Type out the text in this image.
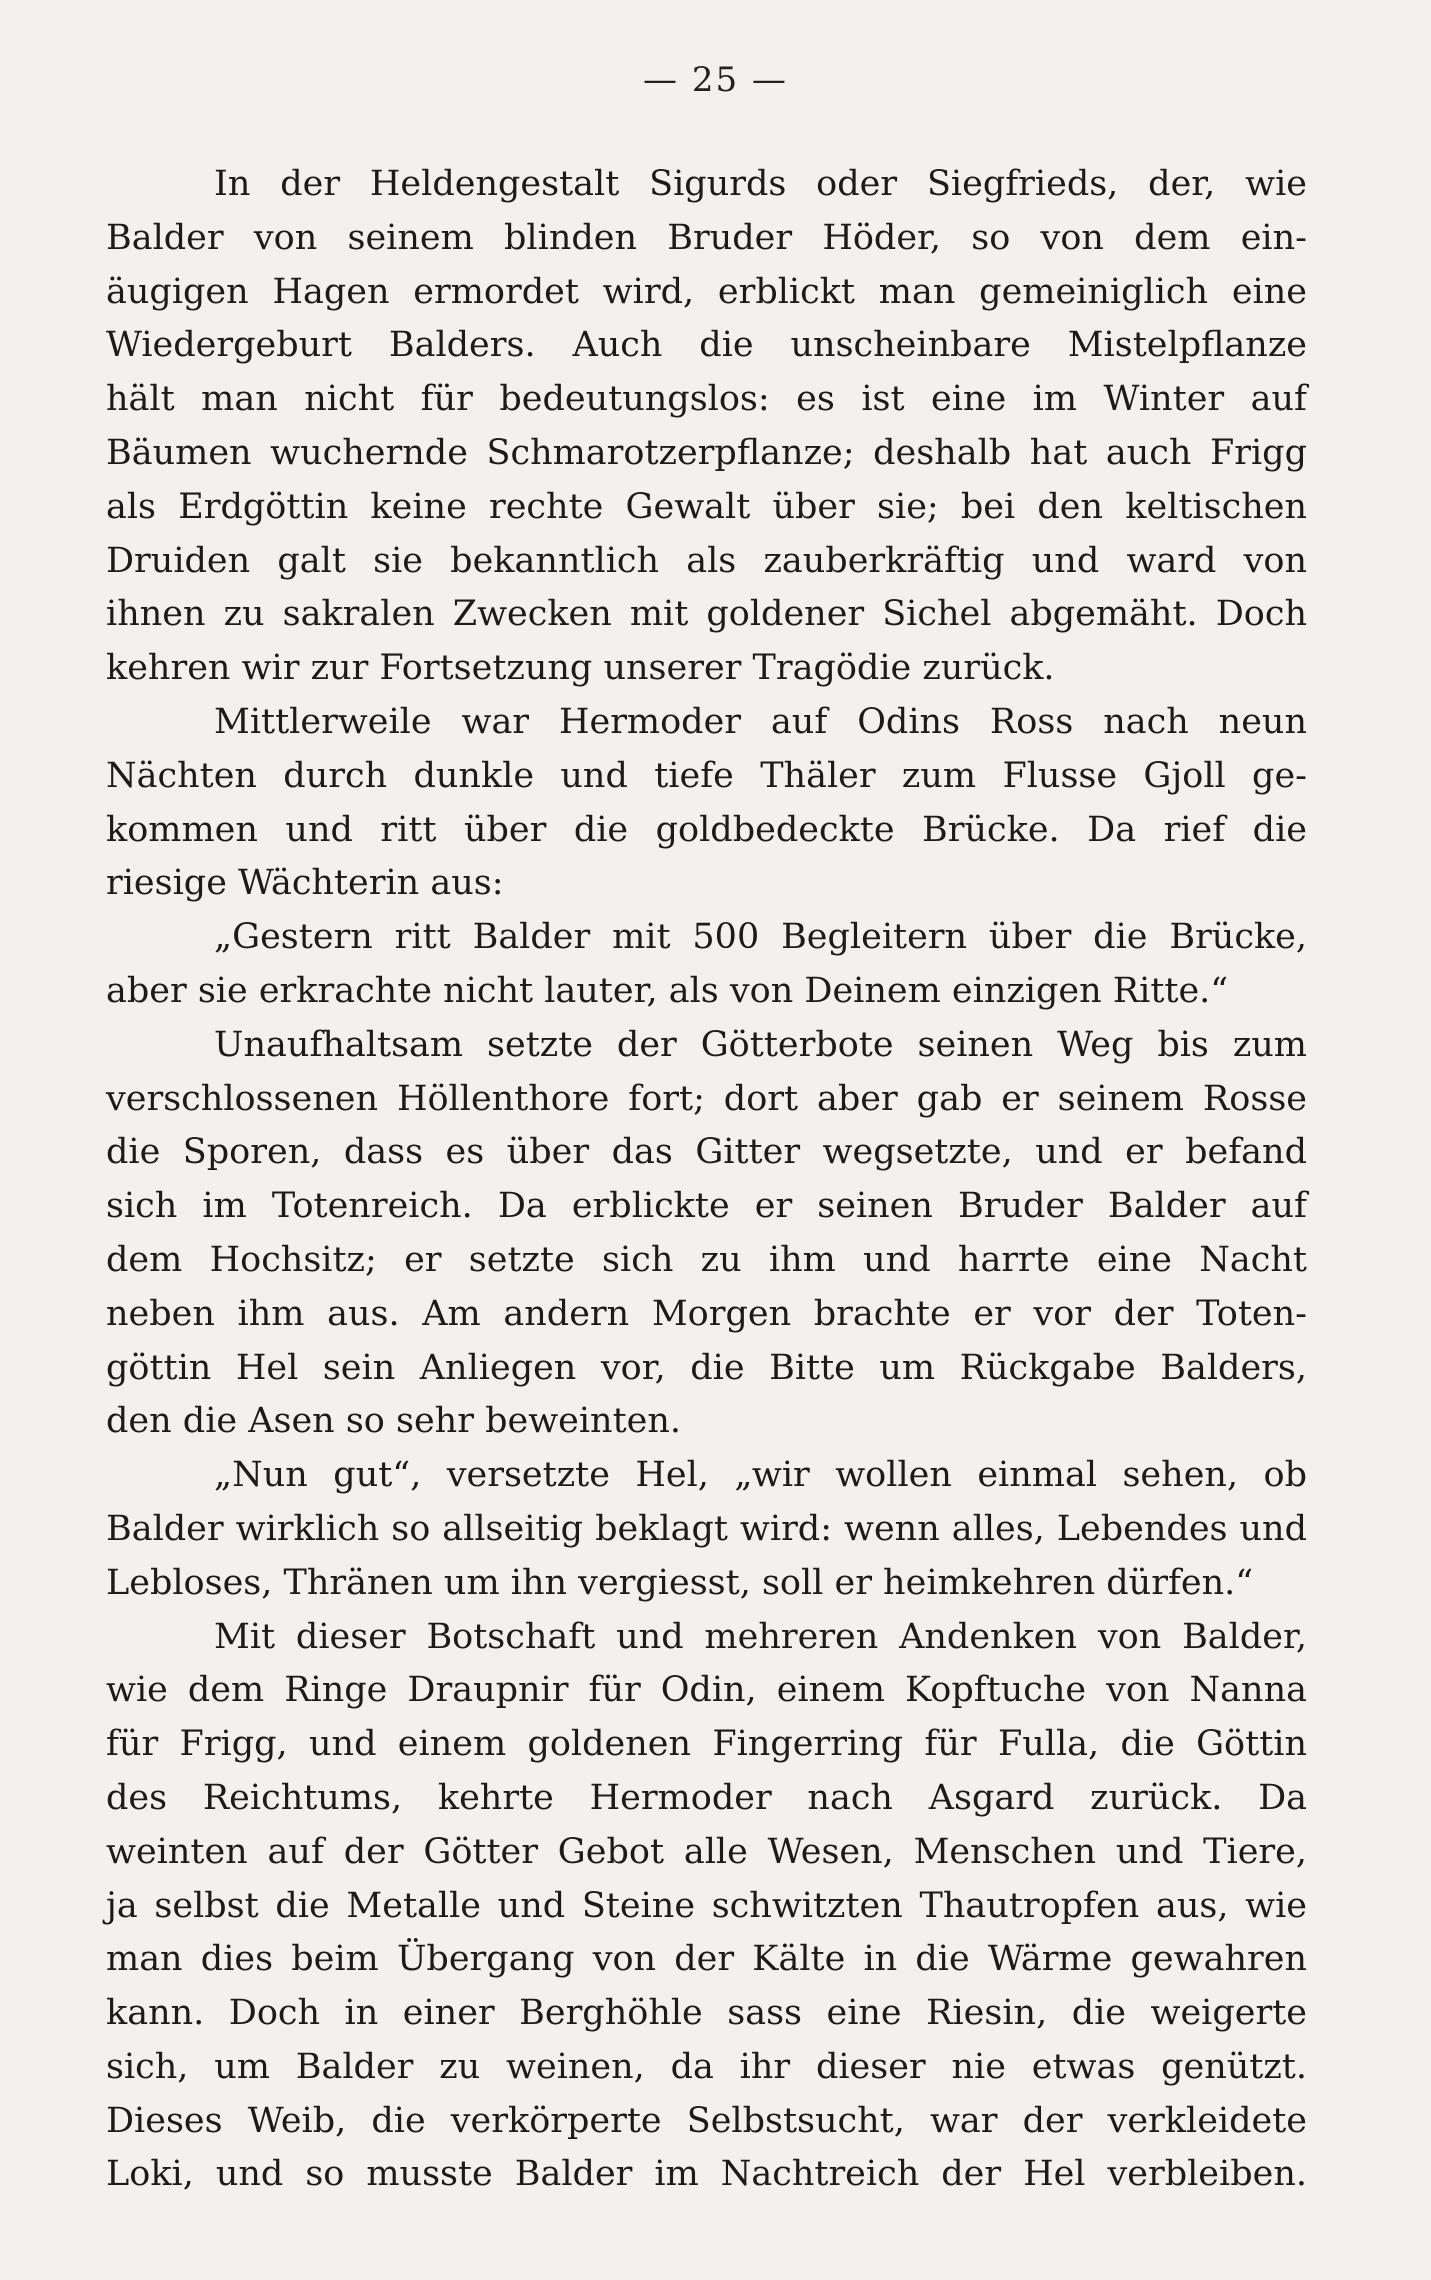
— 25 —
In der Heldengestalt Sigurds oder Siegfrieds, der, wie
Balder von seinem blinden Bruder Höder, so von dem ein-
äugigen Hagen ermordet wird, erblickt man gemeiniglich eine
Wiedergeburt Balders. Auch die unscheinbare Mistelpflanze
hält man nicht für bedeutungslos: es ist eine im Winter auf
Bäumen wuchernde Schmarotzerpflanze; deshalb hat auch Frigg
als Erdgöttin keine rechte Gewalt über sie; bei den keltischen
Druiden galt sie bekanntlich als zauberkräftig und ward von
ihnen zu sakralen Zwecken mit goldener Sichel abgemäht. Doch
kehren wir zur Fortsetzung unserer Tragödie zurück.
Mittlerweile war Hermoder auf Odins Ross nach neun
Nächten durch dunkle und tiefe Thäler zum Flusse Gjoll ge-
kommen und ritt über die goldbedeckte Brücke. Da rief die
riesige Wächterin aus:
„Gestern ritt Balder mit 500 Begleitern über die Brücke,
aber sie erkrachte nicht lauter, als von Deinem einzigen Ritte.“
Unaufhaltsam setzte der Götterbote seinen Weg bis zum
verschlossenen Höllenthore fort; dort aber gab er seinem Rosse
die Sporen, dass es über das Gitter wegsetzte, und er befand
sich im Totenreich. Da erblickte er seinen Bruder Balder auf
dem Hochsitz; er setzte sich zu ihm und harrte eine Nacht
neben ihm aus. Am andern Morgen brachte er vor der Toten-
göttin Hel sein Anliegen vor, die Bitte um Rückgabe Balders,
den die Asen so sehr beweinten.
„Nun gut“, versetzte Hel, „wir wollen einmal sehen, ob
Balder wirklich so allseitig beklagt wird: wenn alles, Lebendes und
Lebloses, Thränen um ihn vergiesst, soll er heimkehren dürfen.“
Mit dieser Botschaft und mehreren Andenken von Balder,
wie dem Ringe Draupnir für Odin, einem Kopftuche von Nanna
für Frigg, und einem goldenen Fingerring für Fulla, die Göttin
des Reichtums, kehrte Hermoder nach Asgard zurück. Da
weinten auf der Götter Gebot alle Wesen, Menschen und Tiere,
ja selbst die Metalle und Steine schwitzten Thautropfen aus, wie
man dies beim Übergang von der Kälte in die Wärme gewahren
kann. Doch in einer Berghöhle sass eine Riesin, die weigerte
sich, um Balder zu weinen, da ihr dieser nie etwas genützt.
Dieses Weib, die verkörperte Selbstsucht, war der verkleidete
Loki, und so musste Balder im Nachtreich der Hel verbleiben.
